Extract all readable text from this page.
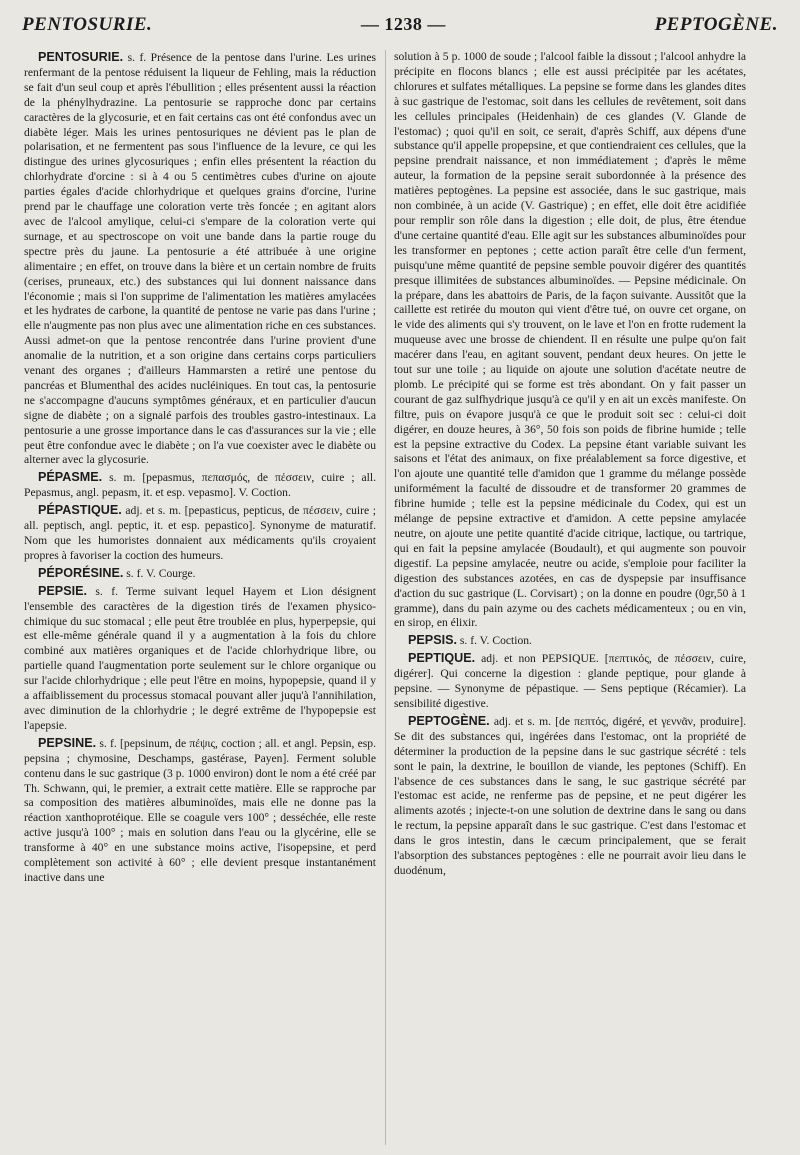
PENTOSURIE.	— 1238 —	PEPTOGÈNE.

PENTOSURIE. s. f. Présence de la pentose dans l'urine. Les urines renfermant de la pentose réduisent la liqueur de Fehling, mais la réduction se fait d'un seul coup et après l'ébullition ; elles présentent aussi la réaction de la phénylhydrazine. La pentosurie se rapproche donc par certains caractères de la glycosurie, et en fait certains cas ont été confondus avec un diabète léger. Mais les urines pentosuriques ne dévient pas le plan de polarisation, et ne fermentent pas sous l'influence de la levure, ce qui les distingue des urines glycosuriques ; enfin elles présentent la réaction du chlorhydrate d'orcine : si à 4 ou 5 centimètres cubes d'urine on ajoute parties égales d'acide chlorhydrique et quelques grains d'orcine, l'urine prend par le chauffage une coloration verte très foncée ; en agitant alors avec de l'alcool amylique, celui-ci s'empare de la coloration verte qui surnage, et au spectroscope on voit une bande dans la partie rouge du spectre près du jaune. La pentosurie a été attribuée à une origine alimentaire ; en effet, on trouve dans la bière et un certain nombre de fruits (cerises, pruneaux, etc.) des substances qui lui donnent naissance dans l'économie ; mais si l'on supprime de l'alimentation les matières amylacées et les hydrates de carbone, la quantité de pentose ne varie pas dans l'urine ; elle n'augmente pas non plus avec une alimentation riche en ces substances. Aussi admet-on que la pentose rencontrée dans l'urine provient d'une anomalie de la nutrition, et a son origine dans certains corps particuliers venant des organes ; d'ailleurs Hammarsten a retiré une pentose du pancréas et Blumenthal des acides nucléiniques. En tout cas, la pentosurie ne s'accompagne d'aucuns symptômes généraux, et en particulier d'aucun signe de diabète ; on a signalé parfois des troubles gastro-intestinaux. La pentosurie a une grosse importance dans le cas d'assurances sur la vie ; elle peut être confondue avec le diabète ; on l'a vue coexister avec le diabète ou alterner avec la glycosurie.

PÉPASME. s. m. [pepasmus, πεπασμός, de πέσσειν, cuire ; all. Pepasmus, angl. pepasm, it. et esp. vepasmo]. V. Coction.

PÉPASTIQUE. adj. et s. m. [pepasticus, pepticus, de πέσσειν, cuire ; all. peptisch, angl. peptic, it. et esp. pepastico]. Synonyme de maturatif. Nom que les humoristes donnaient aux médicaments qu'ils croyaient propres à favoriser la coction des humeurs.

PÉPORÉSINE. s. f. V. Courge.

PEPSIE. s. f. Terme suivant lequel Hayem et Lion désignent l'ensemble des caractères de la digestion tirés de l'examen physico-chimique du suc stomacal ; elle peut être troublée en plus, hyperpepsie, qui est elle-même générale quand il y a augmentation à la fois du chlore combiné aux matières organiques et de l'acide chlorhydrique libre, ou partielle quand l'augmentation porte seulement sur le chlore organique ou sur l'acide chlorhydrique ; elle peut l'être en moins, hypopepsie, quand il y a affaiblissement du processus stomacal pouvant aller juqu'à l'annihilation, avec diminution de la chlorhydrie ; le degré extrême de l'hypopepsie est l'apepsie.

PEPSINE. s. f. [pepsinum, de πέψις, coction ; all. et angl. Pepsin, esp. pepsina ; chymosine, Deschamps, gastérase, Payen]. Ferment soluble contenu dans le suc gastrique (3 p. 1000 environ) dont le nom a été créé par Th. Schwann, qui, le premier, a extrait cette matière. Elle se rapproche par sa composition des matières albuminoïdes, mais elle ne donne pas la réaction xanthoprotéique. Elle se coagule vers 100° ; desséchée, elle reste active jusqu'à 100° ; mais en solution dans l'eau ou la glycérine, elle se transforme à 40° en une substance moins active, l'isopepsine, et perd complètement son activité à 60° ; elle devient presque instantanément inactive dans une

solution à 5 p. 1000 de soude ; l'alcool faible la dissout ; l'alcool anhydre la précipite en flocons blancs ; elle est aussi précipitée par les acétates, chlorures et sulfates métalliques. La pepsine se forme dans les glandes dites à suc gastrique de l'estomac, soit dans les cellules de revêtement, soit dans les cellules principales (Heidenhain) de ces glandes (V. Glande de l'estomac) ; quoi qu'il en soit, ce serait, d'après Schiff, aux dépens d'une substance qu'il appelle propepsine, et que contiendraient ces cellules, que la pepsine prendrait naissance, et non immédiatement ; d'après le même auteur, la formation de la pepsine serait subordonnée à la présence des matières peptogènes. La pepsine est associée, dans le suc gastrique, mais non combinée, à un acide (V. Gastrique) ; en effet, elle doit être acidifiée pour remplir son rôle dans la digestion ; elle doit, de plus, être étendue d'une certaine quantité d'eau. Elle agit sur les substances albuminoïdes pour les transformer en peptones ; cette action paraît être celle d'un ferment, puisqu'une même quantité de pepsine semble pouvoir digérer des quantités presque illimitées de substances albuminoïdes. — Pepsine médicinale. On la prépare, dans les abattoirs de Paris, de la façon suivante. Aussitôt que la caillette est retirée du mouton qui vient d'être tué, on ouvre cet organe, on le vide des aliments qui s'y trouvent, on le lave et l'on en frotte rudement la muqueuse avec une brosse de chiendent. Il en résulte une pulpe qu'on fait macérer dans l'eau, en agitant souvent, pendant deux heures. On jette le tout sur une toile ; au liquide on ajoute une solution d'acétate neutre de plomb. Le précipité qui se forme est très abondant. On y fait passer un courant de gaz sulfhydrique jusqu'à ce qu'il y en ait un excès manifeste. On filtre, puis on évapore jusqu'à ce que le produit soit sec : celui-ci doit digérer, en douze heures, à 36°, 50 fois son poids de fibrine humide ; telle est la pepsine extractive du Codex. La pepsine étant variable suivant les saisons et l'état des animaux, on fixe préalablement sa force digestive, et l'on ajoute une quantité telle d'amidon que 1 gramme du mélange possède uniformément la faculté de dissoudre et de transformer 20 grammes de fibrine humide ; telle est la pepsine médicinale du Codex, qui est un mélange de pepsine extractive et d'amidon. A cette pepsine amylacée neutre, on ajoute une petite quantité d'acide citrique, lactique, ou tartrique, qui en fait la pepsine amylacée (Boudault), et qui augmente son pouvoir digestif. La pepsine amylacée, neutre ou acide, s'emploie pour faciliter la digestion des substances azotées, en cas de dyspepsie par insuffisance d'action du suc gastrique (L. Corvisart) ; on la donne en poudre (0gr,50 à 1 gramme), dans du pain azyme ou des cachets médicamenteux ; ou en vin, en sirop, en élixir.

PEPSIS. s. f. V. Coction.

PEPTIQUE. adj. et non PEPSIQUE. [πεπτικός, de πέσσειν, cuire, digérer]. Qui concerne la digestion : glande peptique, pour glande à pepsine. — Synonyme de pépastique. — Sens peptique (Récamier). La sensibilité digestive.

PEPTOGÈNE. adj. et s. m. [de πεπτός, digéré, et γεννᾶν, produire]. Se dit des substances qui, ingérées dans l'estomac, ont la propriété de déterminer la production de la pepsine dans le suc gastrique sécrété : tels sont le pain, la dextrine, le bouillon de viande, les peptones (Schiff). En l'absence de ces substances dans le sang, le suc gastrique sécrété par l'estomac est acide, ne renferme pas de pepsine, et ne peut digérer les aliments azotés ; injecte-t-on une solution de dextrine dans le sang ou dans le rectum, la pepsine apparaît dans le suc gastrique. C'est dans l'estomac et dans le gros intestin, dans le cæcum principalement, que se ferait l'absorption des substances peptogènes : elle ne pourrait avoir lieu dans le duodénum,
